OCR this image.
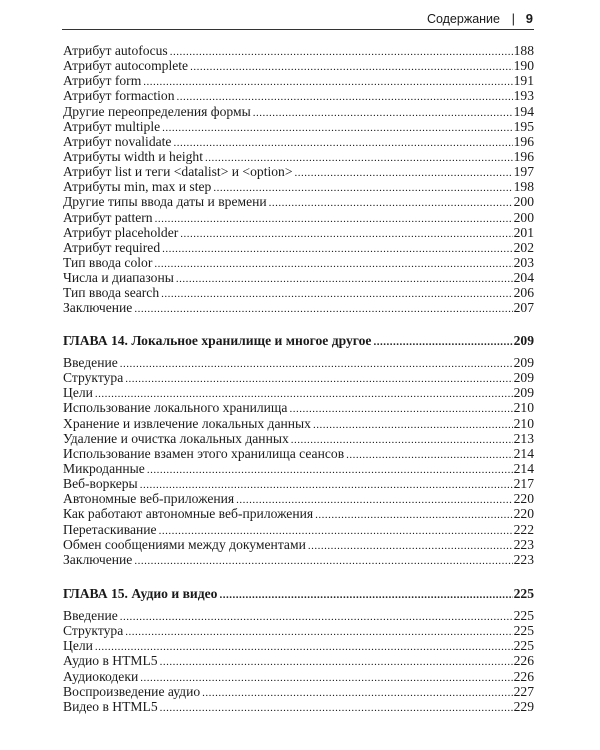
Содержание | 9
Атрибут autofocus .....	188
Атрибут autocomplete .....	190
Атрибут form .....	191
Атрибут formaction .....	193
Другие переопределения формы .....	194
Атрибут multiple .....	195
Атрибут novalidate .....	196
Атрибуты width и height .....	196
Атрибут list и теги <datalist> и <option> .....	197
Атрибуты min, max и step .....	198
Другие типы ввода даты и времени .....	200
Атрибут pattern .....	200
Атрибут placeholder .....	201
Атрибут required .....	202
Тип ввода color .....	203
Числа и диапазоны .....	204
Тип ввода search .....	206
Заключение .....	207
ГЛАВА 14. Локальное хранилище и многое другое .....	209
Введение .....	209
Структура .....	209
Цели .....	209
Использование локального хранилища .....	210
Хранение и извлечение локальных данных .....	210
Удаление и очистка локальных данных .....	213
Использование взамен этого хранилища сеансов .....	214
Микроданные .....	214
Веб-воркеры .....	217
Автономные веб-приложения .....	220
Как работают автономные веб-приложения .....	220
Перетаскивание .....	222
Обмен сообщениями между документами .....	223
Заключение .....	223
ГЛАВА 15. Аудио и видео .....	225
Введение .....	225
Структура .....	225
Цели .....	225
Аудио в HTML5 .....	226
Аудиокодеки .....	226
Воспроизведение аудио .....	227
Видео в HTML5 .....	229
